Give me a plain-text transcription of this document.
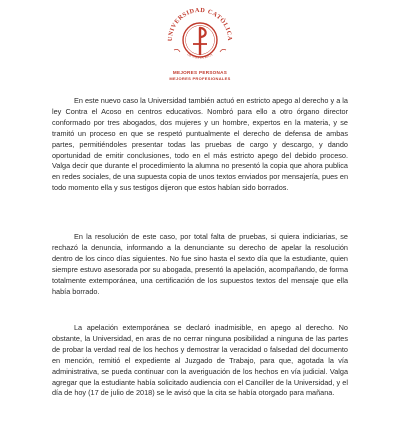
UNIVERSIDAD CATÓLICA
DE COSTA RICA
MEJORES PERSONAS
MEJORES PROFESIONALES

En este nuevo caso la Universidad también actuó en estricto apego al derecho y a la ley Contra el Acoso en centros educativos. Nombró para ello a otro órgano director conformado por tres abogados, dos mujeres y un hombre, expertos en la materia, y se tramitó un proceso en que se respetó puntualmente el derecho de defensa de ambas partes, permitiéndoles presentar todas las pruebas de cargo y descargo, y dando oportunidad de emitir conclusiones, todo en el más estricto apego del debido proceso. Valga decir que durante el procedimiento la alumna no presentó la copia que ahora publica en redes sociales, de una supuesta copia de unos textos enviados por mensajería, pues en todo momento ella y sus testigos dijeron que estos habían sido borrados.

En la resolución de este caso, por total falta de pruebas, si quiera indiciarias, se rechazó la denuncia, informando a la denunciante su derecho de apelar la resolución dentro de los cinco días siguientes. No fue sino hasta el sexto día que la estudiante, quien siempre estuvo asesorada por su abogada, presentó la apelación, acompañando, de forma totalmente extemporánea, una certificación de los supuestos textos del mensaje que ella había borrado.

La apelación extemporánea se declaró inadmisible, en apego al derecho. No obstante, la Universidad, en aras de no cerrar ninguna posibilidad a ninguna de las partes de probar la verdad real de los hechos y demostrar la veracidad o falsedad del documento en mención, remitió el expediente al Juzgado de Trabajo, para que, agotada la vía administrativa, se pueda continuar con la averiguación de los hechos en vía judicial. Valga agregar que la estudiante había solicitado audiencia con el Canciller de la Universidad, y el día de hoy (17 de julio de 2018) se le avisó que la cita se había otorgado para mañana.
